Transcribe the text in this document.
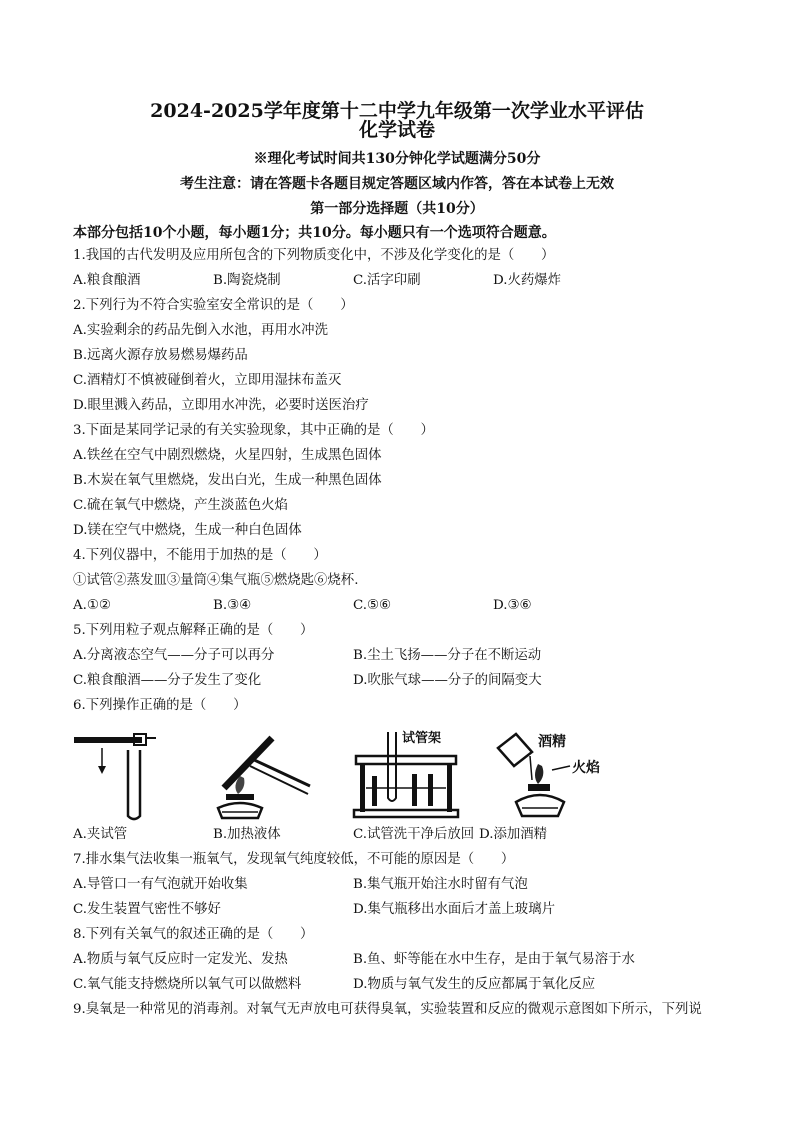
2024-2025学年度第十二中学九年级第一次学业水平评估
化学试卷
※理化考试时间共130分钟化学试题满分50分
考生注意：请在答题卡各题目规定答题区域内作答，答在本试卷上无效
第一部分选择题（共10分）
本部分包括10个小题，每小题1分；共10分。每小题只有一个选项符合题意。
1.我国的古代发明及应用所包含的下列物质变化中，不涉及化学变化的是（　　）
A.粮食酿酒	B.陶瓷烧制	C.活字印刷	D.火药爆炸
2.下列行为不符合实验室安全常识的是（　　）
A.实验剩余的药品先倒入水池，再用水冲洗
B.远离火源存放易燃易爆药品
C.酒精灯不慎被碰倒着火，立即用湿抹布盖灭
D.眼里溅入药品，立即用水冲洗，必要时送医治疗
3.下面是某同学记录的有关实验现象，其中正确的是（　　）
A.铁丝在空气中剧烈燃烧，火星四射，生成黑色固体
B.木炭在氧气里燃烧，发出白光，生成一种黑色固体
C.硫在氧气中燃烧，产生淡蓝色火焰
D.镁在空气中燃烧，生成一种白色固体
4.下列仪器中，不能用于加热的是（　　）
①试管②蒸发皿③量筒④集气瓶⑤燃烧匙⑥烧杯.
A.①②	B.③④	C.⑤⑥	D.③⑥
5.下列用粒子观点解释正确的是（　　）
A.分离液态空气——分子可以再分	B.尘土飞扬——分子在不断运动
C.粮食酿酒——分子发生了变化	D.吹胀气球——分子的间隔变大
6.下列操作正确的是（　　）
试管架	酒精
火焰
A.夹试管	B.加热液体	C.试管洗干净后放回 D.添加酒精
7.排水集气法收集一瓶氧气，发现氧气纯度较低，不可能的原因是（　　）
A.导管口一有气泡就开始收集	B.集气瓶开始注水时留有气泡
C.发生装置气密性不够好	D.集气瓶移出水面后才盖上玻璃片
8.下列有关氧气的叙述正确的是（　　）
A.物质与氧气反应时一定发光、发热	B.鱼、虾等能在水中生存，是由于氧气易溶于水
C.氧气能支持燃烧所以氧气可以做燃料	D.物质与氧气发生的反应都属于氧化反应
9.臭氧是一种常见的消毒剂。对氧气无声放电可获得臭氧，实验装置和反应的微观示意图如下所示，下列说
